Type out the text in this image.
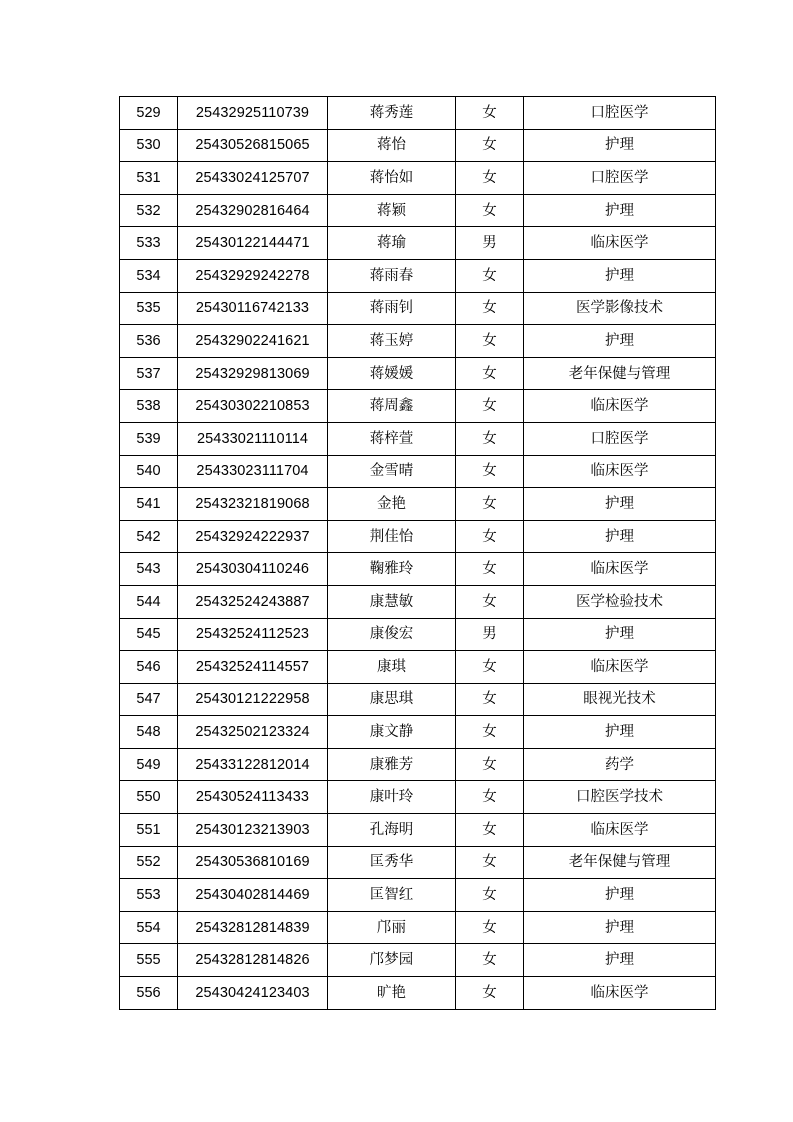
529	25432925110739	蒋秀莲	女	口腔医学
530	25430526815065	蒋怡	女	护理
531	25433024125707	蒋怡如	女	口腔医学
532	25432902816464	蒋颖	女	护理
533	25430122144471	蒋瑜	男	临床医学
534	25432929242278	蒋雨春	女	护理
535	25430116742133	蒋雨钊	女	医学影像技术
536	25432902241621	蒋玉婷	女	护理
537	25432929813069	蒋媛媛	女	老年保健与管理
538	25430302210853	蒋周鑫	女	临床医学
539	25433021110114	蒋梓萱	女	口腔医学
540	25433023111704	金雪晴	女	临床医学
541	25432321819068	金艳	女	护理
542	25432924222937	荆佳怡	女	护理
543	25430304110246	鞠雅玲	女	临床医学
544	25432524243887	康慧敏	女	医学检验技术
545	25432524112523	康俊宏	男	护理
546	25432524114557	康琪	女	临床医学
547	25430121222958	康思琪	女	眼视光技术
548	25432502123324	康文静	女	护理
549	25433122812014	康雅芳	女	药学
550	25430524113433	康叶玲	女	口腔医学技术
551	25430123213903	孔海明	女	临床医学
552	25430536810169	匡秀华	女	老年保健与管理
553	25430402814469	匡智红	女	护理
554	25432812814839	邝丽	女	护理
555	25432812814826	邝梦园	女	护理
556	25430424123403	旷艳	女	临床医学
